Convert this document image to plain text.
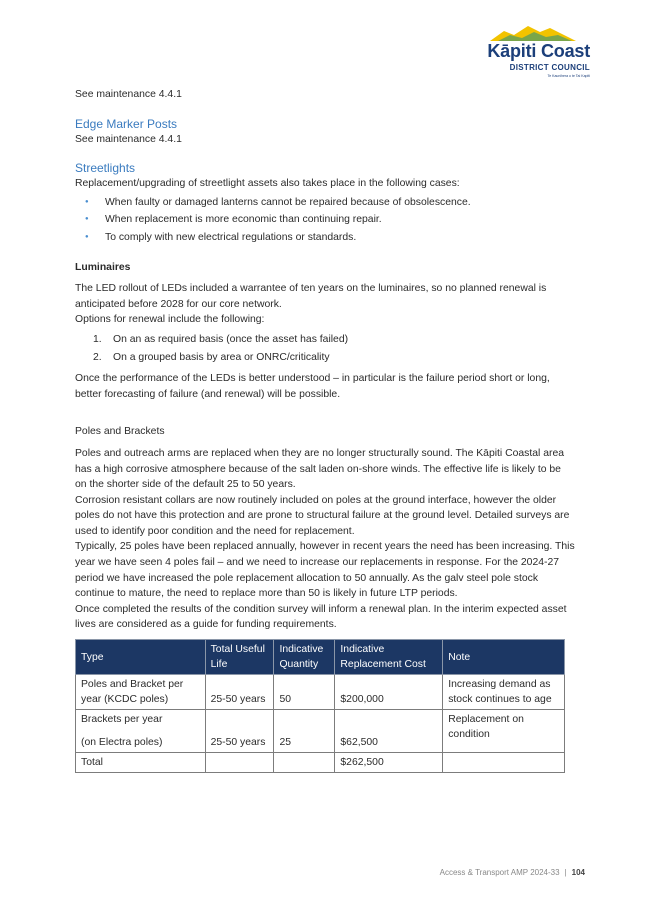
Kāpiti Coast
DISTRICT COUNCIL
Te Kaunihera o te Tai Kapiti

See maintenance 4.4.1

Edge Marker Posts

See maintenance 4.4.1

Streetlights

Replacement/upgrading of streetlight assets also takes place in the following cases:

● When faulty or damaged lanterns cannot be repaired because of obsolescence.
● When replacement is more economic than continuing repair.
● To comply with new electrical regulations or standards.

Luminaires

The LED rollout of LEDs included a warrantee of ten years on the luminaires, so no planned renewal is anticipated before 2028 for our core network.

Options for renewal include the following:

1. On an as required basis (once the asset has failed)
2. On a grouped basis by area or ONRC/criticality

Once the performance of the LEDs is better understood – in particular is the failure period short or long, better forecasting of failure (and renewal) will be possible.

Poles and Brackets

Poles and outreach arms are replaced when they are no longer structurally sound. The Kāpiti Coastal area has a high corrosive atmosphere because of the salt laden on-shore winds. The effective life is likely to be on the shorter side of the default 25 to 50 years.

Corrosion resistant collars are now routinely included on poles at the ground interface, however the older poles do not have this protection and are prone to structural failure at the ground level. Detailed surveys are used to identify poor condition and the need for replacement.

Typically, 25 poles have been replaced annually, however in recent years the need has been increasing. This year we have seen 4 poles fail – and we need to increase our replacements in response. For the 2024-27 period we have increased the pole replacement allocation to 50 annually. As the galv steel pole stock continue to mature, the need to replace more than 50 is likely in future LTP periods.

Once completed the results of the condition survey will inform a renewal plan. In the interim expected asset lives are considered as a guide for funding requirements.

Type	Total Useful Life	Indicative Quantity	Indicative Replacement Cost	Note
Poles and Bracket per year (KCDC poles)	25-50 years	50	$200,000	Increasing demand as stock continues to age

Brackets per year
(on Electra poles)	25-50 years	25	$62,500	Replacement on condition
Total			$262,500	
Access & Transport AMP 2024-33 | 104
